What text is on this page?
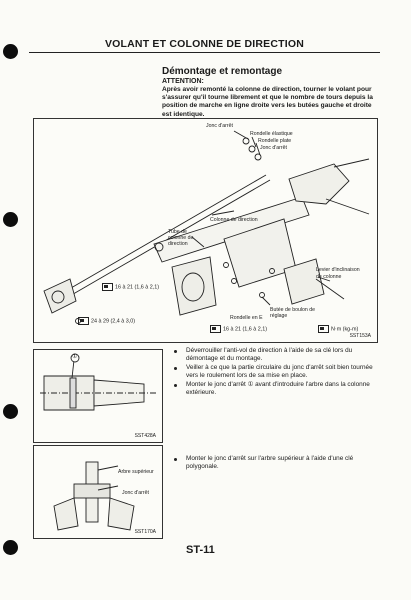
VOLANT ET COLONNE DE DIRECTION
Démontage et remontage
ATTENTION:
Après avoir remonté la colonne de direction, tourner le volant pour s'assurer qu'il tourne librement et que le nombre de tours depuis la position de marche en ligne droite vers les butées gauche et droite est identique.
Jonc d'arrêt
Rondelle élastique
Rondelle plate
Jonc d'arrêt
Colonne de direction
Tube de colonne de direction
Levier d'inclinaison
de colonne
Butée de boulon de réglage
Rondelle en E
16 à 21 (1,6 à 2,1)
24 à 29 (2,4 à 3,0)
16 à 21 (1,6 à 2,1)	N·m (kg-m)
SST153A
①
SST428A
Arbre supérieur
Jonc d'arrêt
SST170A
Déverrouiller l'anti-vol de direction à l'aide de sa clé lors du démontage et du montage.
Veiller à ce que la partie circulaire du jonc d'arrêt soit bien tournée vers le roulement lors de sa mise en place.
Monter le jonc d'arrêt ① avant d'introduire l'arbre dans la colonne extérieure.
Monter le jonc d'arrêt sur l'arbre supérieur à l'aide d'une clé polygonale.
ST-11
